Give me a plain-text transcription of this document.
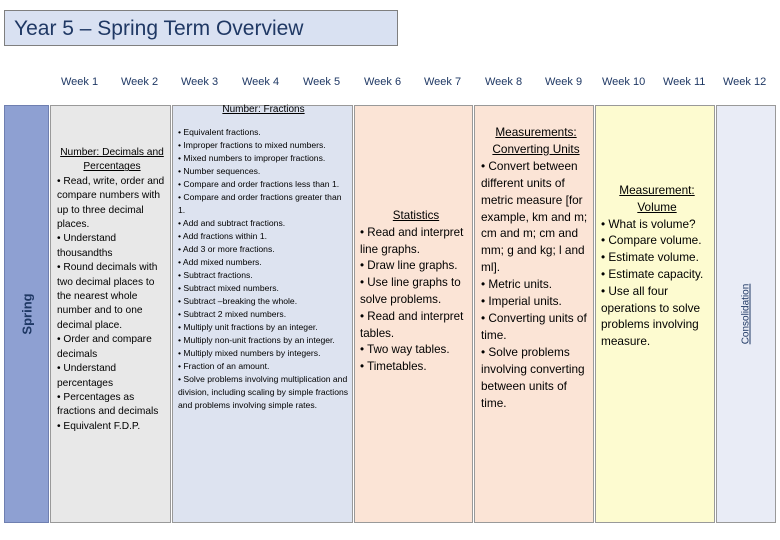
Year 5 – Spring Term Overview
Week 1 Week 2 Week 3 Week 4 Week 5 Week 6 Week 7 Week 8 Week 9 Week 10 Week 11 Week 12
Spring
Number: Decimals and Percentages
• Read, write, order and compare numbers with up to three decimal places.
• Understand thousandths
• Round decimals with two decimal places to the nearest whole number and to one decimal place.
• Order and compare decimals
• Understand percentages
• Percentages as fractions and decimals
• Equivalent F.D.P.
Number: Fractions
• Equivalent fractions.
• Improper fractions to mixed numbers.
• Mixed numbers to improper fractions.
• Number sequences.
• Compare and order fractions less than 1.
• Compare and order fractions greater than 1.
• Add and subtract fractions.
• Add fractions within 1.
• Add 3 or more fractions.
• Add mixed numbers.
• Subtract fractions.
• Subtract mixed numbers.
• Subtract –breaking the whole.
• Subtract 2 mixed numbers.
• Multiply unit fractions by an integer.
• Multiply non-unit fractions by an integer.
• Multiply mixed numbers by integers.
• Fraction of an amount.
• Solve problems involving multiplication and division, including scaling by simple fractions and problems involving simple rates.
Statistics
• Read and interpret line graphs.
• Draw line graphs.
• Use line graphs to solve problems.
• Read and interpret tables.
• Two way tables.
• Timetables.
Measurements: Converting Units
• Convert between different units of metric measure [for example, km and m; cm and m; cm and mm; g and kg; l and ml].
• Metric units.
• Imperial units.
• Converting units of time.
• Solve problems involving converting between units of time.
Measurement: Volume
• What is volume?
• Compare volume.
• Estimate volume.
• Estimate capacity.
• Use all four operations to solve problems involving measure.	Consolidation
